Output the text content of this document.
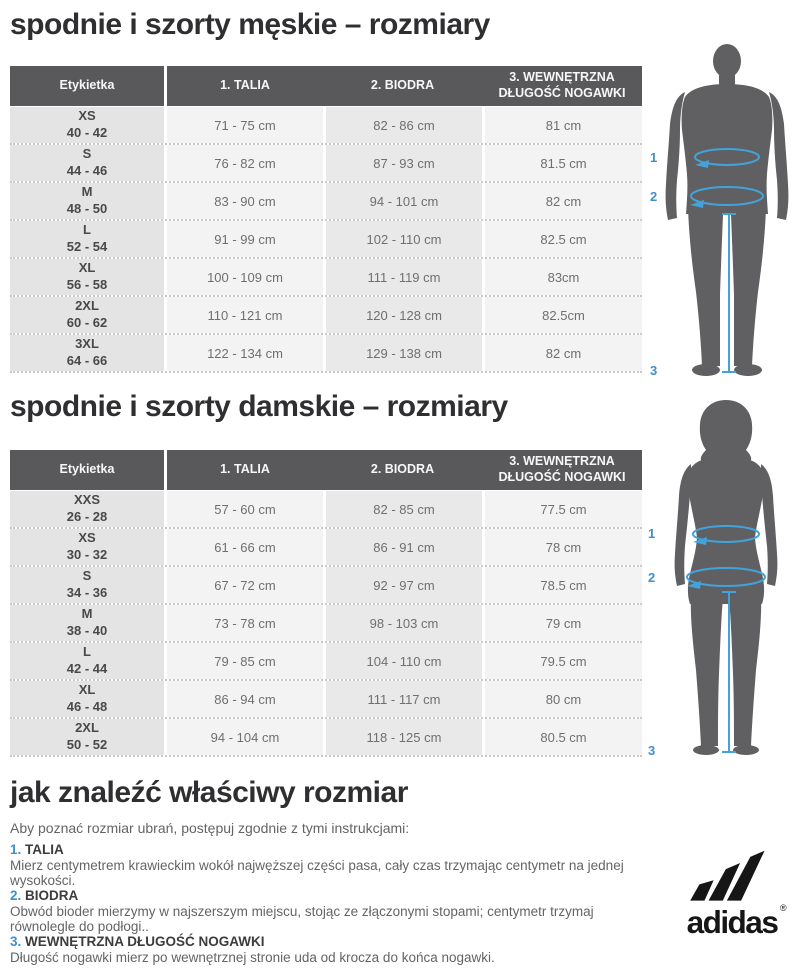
spodnie i szorty męskie – rozmiary
Etykietka	1. TALIA	2. BIODRA
3. WEWNĘTRZNA DŁUGOŚĆ NOGAWKI
XS
40 - 42	71 - 75 cm	82 - 86 cm	81 cm
S
44 - 46	76 - 82 cm	87 - 93 cm	81.5 cm
M
48 - 50	83 - 90 cm	94 - 101 cm	82 cm
L
52 - 54	91 - 99 cm	102 - 110 cm	82.5 cm
XL
56 - 58	100 - 109 cm	111 - 119 cm	83cm
2XL
60 - 62	110 - 121 cm	120 - 128 cm	82.5cm
3XL
64 - 66	122 - 134 cm	129 - 138 cm	82 cm
1
2
3
spodnie i szorty damskie – rozmiary
Etykietka	1. TALIA	2. BIODRA
3. WEWNĘTRZNA DŁUGOŚĆ NOGAWKI
XXS
26 - 28	57 - 60 cm	82 - 85 cm	77.5 cm
XS
30 - 32	61 - 66 cm	86 - 91 cm	78 cm
S
34 - 36	67 - 72 cm	92 - 97 cm	78.5 cm
M
38 - 40	73 - 78 cm	98 - 103 cm	79 cm
L
42 - 44	79 - 85 cm	104 - 110 cm	79.5 cm
XL
46 - 48	86 - 94 cm	111 - 117 cm	80 cm
2XL
50 - 52	94 - 104 cm	118 - 125 cm	80.5 cm
1
2
3
jak znaleźć właściwy rozmiar

Aby poznać rozmiar ubrań, postępuj zgodnie z tymi instrukcjami:

1. TALIA

Mierz centymetrem krawieckim wokół najwęższej części pasa, cały czas trzymając centymetr na jednej wysokości.

2. BIODRA

Obwód bioder mierzymy w najszerszym miejscu, stojąc ze złączonymi stopami; centymetr trzymaj równolegle do podłogi..

3. WEWNĘTRZNA DŁUGOŚĆ NOGAWKI

Długość nogawki mierz po wewnętrznej stronie uda od krocza do końca nogawki.

adidas ®
